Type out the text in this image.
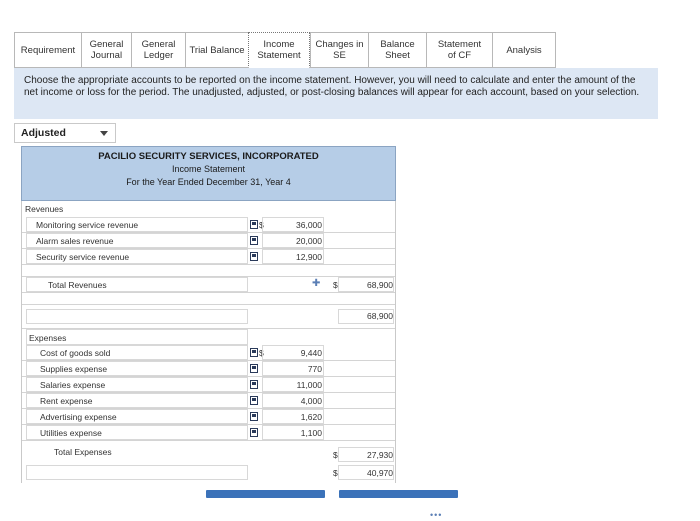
Requirement General
Journal
General
Ledger Trial Balance	Income
Statement
Changes in
SE
Balance
Sheet
Statement
of CF	Analysis
Choose the appropriate accounts to be reported on the income statement. However, you will need to calculate and enter the amount of the net income or loss for the period. The unadjusted, adjusted, or post-closing balances will appear for each account, based on your selection.
Adjusted
PACILIO SECURITY SERVICES, INCORPORATED
Income Statement
For the Year Ended December 31, Year 4
Revenues
Monitoring service revenue	$	36,000
Alarm sales revenue	20,000
Security service revenue	12,900
Total Revenues	✚ $	68,900
68,900
Expenses
Cost of goods sold	$	9,440
Supplies expense	770
Salaries expense	11,000
Rent expense	4,000
Advertising expense	1,620
Utilities expense	1,100
Total Expenses	$	27,930
$	40,970
•••
